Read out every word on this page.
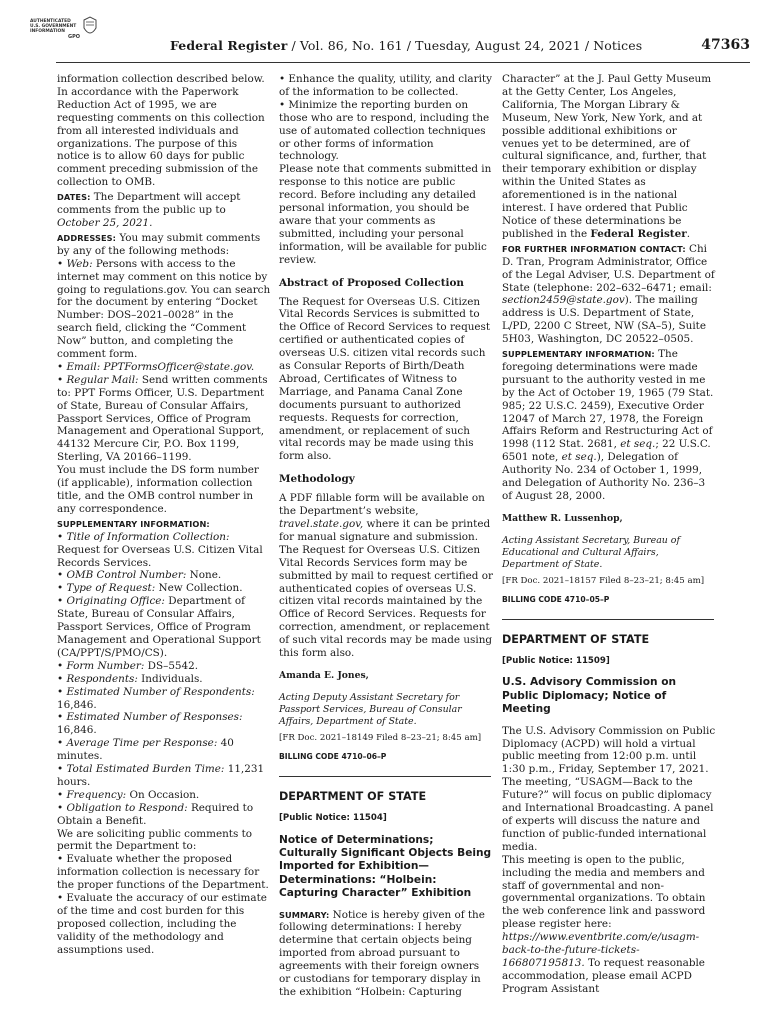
AUTHENTICATED
U.S. GOVERNMENT
INFORMATION
GPO
Federal Register / Vol. 86, No. 161 / Tuesday, August 24, 2021 / Notices	47363

information collection described below. In accordance with the Paperwork Reduction Act of 1995, we are requesting comments on this collection from all interested individuals and organizations. The purpose of this notice is to allow 60 days for public comment preceding submission of the collection to OMB.

DATES: The Department will accept comments from the public up to October 25, 2021.

ADDRESSES: You may submit comments by any of the following methods:

• Web: Persons with access to the internet may comment on this notice by going to regulations.gov. You can search for the document by entering “Docket Number: DOS–2021–0028” in the search field, clicking the “Comment Now” button, and completing the comment form.

• Email: PPTFormsOfficer@state.gov.

• Regular Mail: Send written comments to: PPT Forms Officer, U.S. Department of State, Bureau of Consular Affairs, Passport Services, Office of Program Management and Operational Support, 44132 Mercure Cir, P.O. Box 1199, Sterling, VA 20166–1199.

You must include the DS form number (if applicable), information collection title, and the OMB control number in any correspondence.

SUPPLEMENTARY INFORMATION:

• Title of Information Collection: Request for Overseas U.S. Citizen Vital Records Services.

• OMB Control Number: None.

• Type of Request: New Collection.

• Originating Office: Department of State, Bureau of Consular Affairs, Passport Services, Office of Program Management and Operational Support (CA/PPT/S/PMO/CS).

• Form Number: DS–5542.

• Respondents: Individuals.

• Estimated Number of Respondents: 16,846.

• Estimated Number of Responses: 16,846.

• Average Time per Response: 40 minutes.

• Total Estimated Burden Time: 11,231 hours.

• Frequency: On Occasion.

• Obligation to Respond: Required to Obtain a Benefit.

We are soliciting public comments to permit the Department to:

• Evaluate whether the proposed information collection is necessary for the proper functions of the Department.

• Evaluate the accuracy of our estimate of the time and cost burden for this proposed collection, including the validity of the methodology and assumptions used.

• Enhance the quality, utility, and clarity of the information to be collected.

• Minimize the reporting burden on those who are to respond, including the use of automated collection techniques or other forms of information technology.

Please note that comments submitted in response to this notice are public record. Before including any detailed personal information, you should be aware that your comments as submitted, including your personal information, will be available for public review.

Abstract of Proposed Collection

The Request for Overseas U.S. Citizen Vital Records Services is submitted to the Office of Record Services to request certified or authenticated copies of overseas U.S. citizen vital records such as Consular Reports of Birth/Death Abroad, Certificates of Witness to Marriage, and Panama Canal Zone documents pursuant to authorized requests. Requests for correction, amendment, or replacement of such vital records may be made using this form also.

Methodology

A PDF fillable form will be available on the Department’s website, travel.state.gov, where it can be printed for manual signature and submission. The Request for Overseas U.S. Citizen Vital Records Services form may be submitted by mail to request certified or authenticated copies of overseas U.S. citizen vital records maintained by the Office of Record Services. Requests for correction, amendment, or replacement of such vital records may be made using this form also.

Amanda E. Jones,

Acting Deputy Assistant Secretary for Passport Services, Bureau of Consular Affairs, Department of State.

[FR Doc. 2021–18149 Filed 8–23–21; 8:45 am]

BILLING CODE 4710–06–P

DEPARTMENT OF STATE

[Public Notice: 11504]

Notice of Determinations; Culturally Significant Objects Being Imported for Exhibition—Determinations: “Holbein: Capturing Character” Exhibition

SUMMARY: Notice is hereby given of the following determinations: I hereby determine that certain objects being imported from abroad pursuant to agreements with their foreign owners or custodians for temporary display in the exhibition “Holbein: Capturing

Character” at the J. Paul Getty Museum at the Getty Center, Los Angeles, California, The Morgan Library & Museum, New York, New York, and at possible additional exhibitions or venues yet to be determined, are of cultural significance, and, further, that their temporary exhibition or display within the United States as aforementioned is in the national interest. I have ordered that Public Notice of these determinations be published in the Federal Register.

FOR FURTHER INFORMATION CONTACT: Chi D. Tran, Program Administrator, Office of the Legal Adviser, U.S. Department of State (telephone: 202–632–6471; email: section2459@state.gov). The mailing address is U.S. Department of State, L/PD, 2200 C Street, NW (SA–5), Suite 5H03, Washington, DC 20522–0505.

SUPPLEMENTARY INFORMATION: The foregoing determinations were made pursuant to the authority vested in me by the Act of October 19, 1965 (79 Stat. 985; 22 U.S.C. 2459), Executive Order 12047 of March 27, 1978, the Foreign Affairs Reform and Restructuring Act of 1998 (112 Stat. 2681, et seq.; 22 U.S.C. 6501 note, et seq.), Delegation of Authority No. 234 of October 1, 1999, and Delegation of Authority No. 236–3 of August 28, 2000.

Matthew R. Lussenhop,

Acting Assistant Secretary, Bureau of Educational and Cultural Affairs, Department of State.

[FR Doc. 2021–18157 Filed 8–23–21; 8:45 am]

BILLING CODE 4710–05–P

DEPARTMENT OF STATE

[Public Notice: 11509]

U.S. Advisory Commission on Public Diplomacy; Notice of Meeting

The U.S. Advisory Commission on Public Diplomacy (ACPD) will hold a virtual public meeting from 12:00 p.m. until 1:30 p.m., Friday, September 17, 2021. The meeting, “USAGM—Back to the Future?” will focus on public diplomacy and International Broadcasting. A panel of experts will discuss the nature and function of public-funded international media.

This meeting is open to the public, including the media and members and staff of governmental and non-governmental organizations. To obtain the web conference link and password please register here: https://www.eventbrite.com/e/usagm-back-to-the-future-tickets-166807195813. To request reasonable accommodation, please email ACPD Program Assistant
